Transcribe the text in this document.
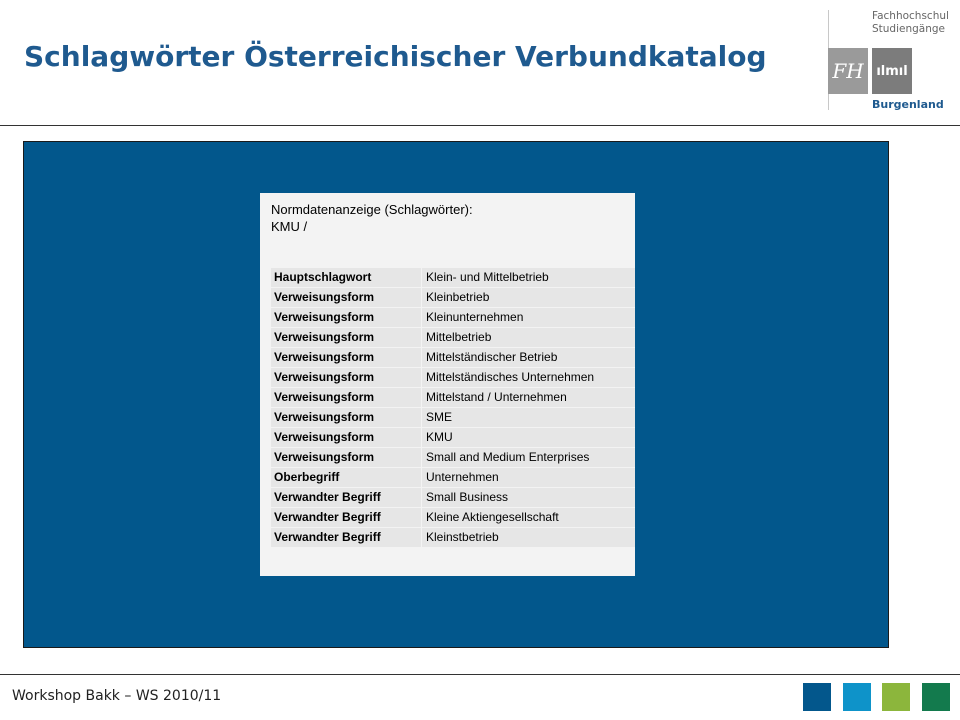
Schlagwörter Österreichischer Verbundkatalog
Fachhochschul
Studiengänge
FH ılmıl
Burgenland
Normdatenanzeige (Schlagwörter):
KMU /
Hauptschlagwort	Klein- und Mittelbetrieb
Verweisungsform	Kleinbetrieb
Verweisungsform	Kleinunternehmen
Verweisungsform	Mittelbetrieb
Verweisungsform	Mittelständischer Betrieb
Verweisungsform	Mittelständisches Unternehmen
Verweisungsform	Mittelstand / Unternehmen
Verweisungsform	SME
Verweisungsform	KMU
Verweisungsform	Small and Medium Enterprises
Oberbegriff	Unternehmen
Verwandter Begriff	Small Business
Verwandter Begriff	Kleine Aktiengesellschaft
Verwandter Begriff	Kleinstbetrieb
Workshop Bakk – WS 2010/11
